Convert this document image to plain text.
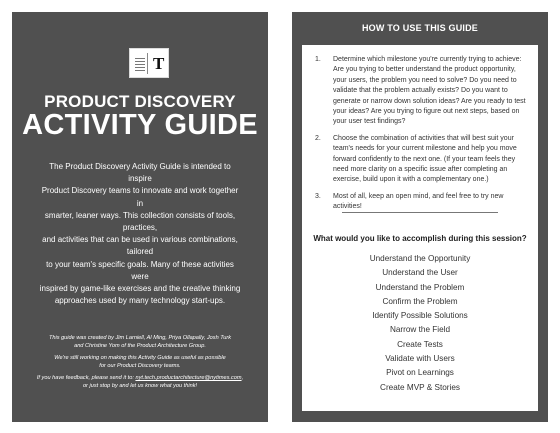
T
PRODUCT DISCOVERY
ACTIVITY GUIDE
The Product Discovery Activity Guide is intended to inspire
Product Discovery teams to innovate and work together in
smarter, leaner ways. This collection consists of tools, practices,
and activities that can be used in various combinations, tailored
to your team's specific goals. Many of these activities were
inspired by game-like exercises and the creative thinking
approaches used by many technology start-ups.
This guide was created by Jim Larniell, Al Ming, Priya Ollapally, Josh Turk
and Christine Yom of the Product Architecture Group.
We're still working on making this Activity Guide as useful as possible
for our Product Discovery teams.
If you have feedback, please send it to: nyt.tech.productarchitecture@nytimes.com,
or just stop by and let us know what you think!
HOW TO USE THIS GUIDE
1. Determine which milestone you're currently trying to achieve: Are you trying to better understand the product opportunity, your users, the problem you need to solve? Do you need to validate that the problem actually exists? Do you want to generate or narrow down solution ideas? Are you ready to test your ideas? Are you trying to figure out next steps, based on your user test findings?
2. Choose the combination of activities that will best suit your team's needs for your current milestone and help you move forward confidently to the next one. (If your team feels they need more clarity on a specific issue after completing an exercise, build upon it with a complementary one.)
3. Most of all, keep an open mind, and feel free to try new activities!
What would you like to accomplish during this session?
Understand the Opportunity
Understand the User
Understand the Problem
Confirm the Problem
Identify Possible Solutions
Narrow the Field
Create Tests
Validate with Users
Pivot on Learnings
Create MVP & Stories
